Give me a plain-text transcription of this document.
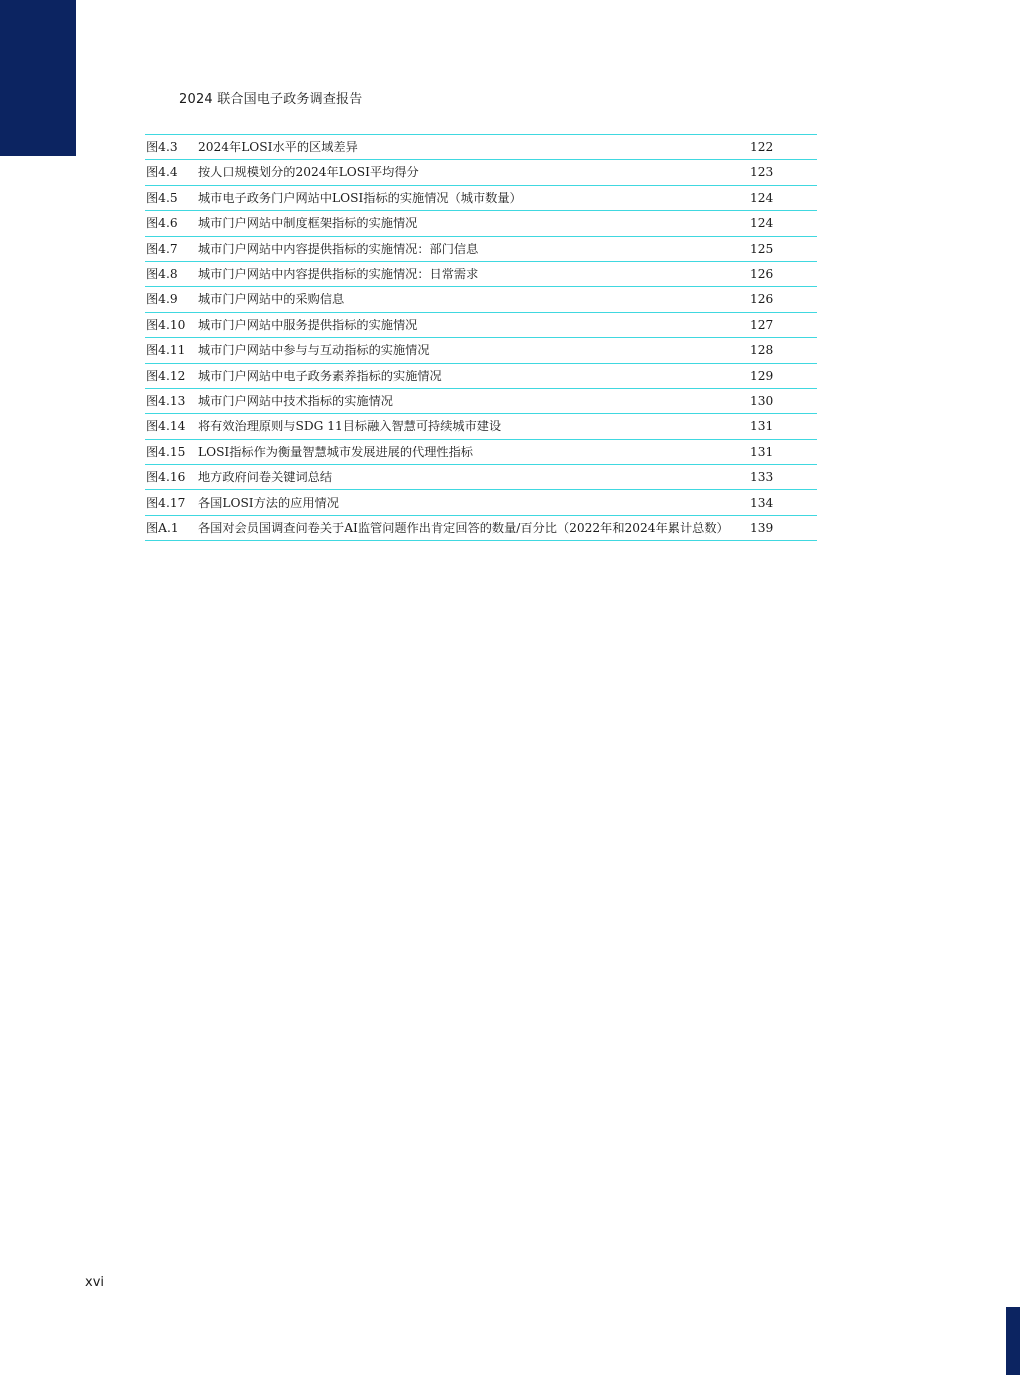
2024 联合国电子政务调查报告
图4.3	2024年LOSI水平的区域差异	122
图4.4	按人口规模划分的2024年LOSI平均得分	123
图4.5	城市电子政务门户网站中LOSI指标的实施情况（城市数量）	124
图4.6	城市门户网站中制度框架指标的实施情况	124
图4.7	城市门户网站中内容提供指标的实施情况：部门信息	125
图4.8	城市门户网站中内容提供指标的实施情况：日常需求	126
图4.9	城市门户网站中的采购信息	126
图4.10	城市门户网站中服务提供指标的实施情况	127
图4.11	城市门户网站中参与与互动指标的实施情况	128
图4.12	城市门户网站中电子政务素养指标的实施情况	129
图4.13	城市门户网站中技术指标的实施情况	130
图4.14	将有效治理原则与SDG 11目标融入智慧可持续城市建设	131
图4.15	LOSI指标作为衡量智慧城市发展进展的代理性指标	131
图4.16	地方政府问卷关键词总结	133
图4.17	各国LOSI方法的应用情况	134
图A.1	各国对会员国调查问卷关于AI监管问题作出肯定回答的数量/百分比（2022年和2024年累计总数）	139
xvi
